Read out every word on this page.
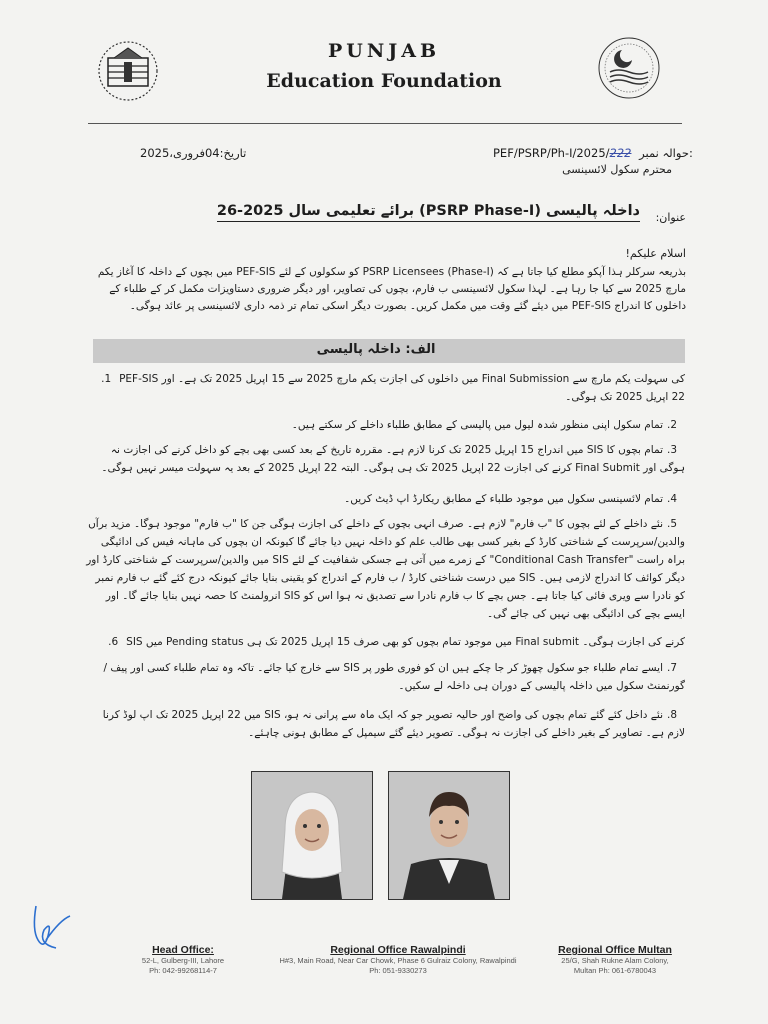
PUNJAB
Education Foundation
تاریخ:04فروری،2025	PEF/PSRP/Ph-I/2025/222 حوالہ نمبر:
محترم سکول لائسینسی
عنوان:
داخلہ پالیسی (PSRP Phase-I) برائے تعلیمی سال 2025-26
اسلام علیکم!
بذریعہ سرکلر ہذا آپکو مطلع کیا جاتا ہے کہ PSRP Licensees (Phase-I) کو سکولوں کے لئے PEF-SIS میں بچوں کے داخلہ کا آغاز یکم مارچ 2025 سے کیا جا رہا ہے۔ لہذا سکول لائسینسی ب فارم، بچوں کی تصاویر، اور دیگر ضروری دستاویزات مکمل کر کے طلباء کے داخلوں کا اندراج PEF-SIS میں دیئے گئے وقت میں مکمل کریں۔ بصورت دیگر اسکی تمام تر ذمہ داری لائسینسی پر عائد ہوگی۔
الف: داخلہ پالیسی
1. PEF-SIS میں داخلوں کی اجازت یکم مارچ 2025 سے 15 اپریل 2025 تک ہے۔ اور Final Submission کی سہولت یکم مارچ سے 22 اپریل 2025 تک ہوگی۔
2.تمام سکول اپنی منظور شدہ لیول میں پالیسی کے مطابق طلباء داخلے کر سکتے ہیں۔
3.تمام بچوں کا SIS میں اندراج 15 اپریل 2025 تک کرنا لازم ہے۔ مقررہ تاریخ کے بعد کسی بھی بچے کو داخل کرنے کی اجازت نہ ہوگی اور Final Submit کرنے کی اجازت 22 اپریل 2025 تک ہی ہوگی۔ البتہ 22 اپریل 2025 کے بعد یہ سہولت میسر نہیں ہوگی۔
4.تمام لائسینسی سکول میں موجود طلباء کے مطابق ریکارڈ اپ ڈیٹ کریں۔
5.نئے داخلے کے لئے بچوں کا "ب فارم" لازم ہے۔ صرف انہی بچوں کے داخلے کی اجازت ہوگی جن کا "ب فارم" موجود ہوگا۔ مزید برآں والدین/سرپرست کے شناختی کارڈ کے بغیر کسی بھی طالب علم کو داخلہ نہیں دیا جائے گا کیونکہ ان بچوں کی ماہانہ فیس کی ادائیگی براہ راست "Conditional Cash Transfer" کے زمرے میں آتی ہے جسکی شفافیت کے لئے SIS میں والدین/سرپرست کے شناختی کارڈ اور دیگر کوائف کا اندراج لازمی ہیں۔ SIS میں درست شناختی کارڈ / ب فارم کے اندراج کو یقینی بنایا جائے کیونکہ درج کئے گئے ب فارم نمبر کو نادرا سے ویری فائی کیا جاتا ہے۔ جس بچے کا ب فارم نادرا سے تصدیق نہ ہوا اس کو SIS انرولمنٹ کا حصہ نہیں بنایا جائے گا۔ اور ایسے بچے کی ادائیگی بھی نہیں کی جائے گی۔
6. SIS میں Pending status میں موجود تمام بچوں کو بھی صرف 15 اپریل 2025 تک ہی Final submit کرنے کی اجازت ہوگی۔
7.ایسے تمام طلباء جو سکول چھوڑ کر جا چکے ہیں ان کو فوری طور پر SIS سے خارج کیا جائے۔ تاکہ وہ تمام طلباء کسی اور پیف / گورنمنٹ سکول میں داخلہ پالیسی کے دوران ہی داخلہ لے سکیں۔
8.نئے داخل کئے گئے تمام بچوں کی واضح اور حالیہ تصویر جو کہ ایک ماہ سے پرانی نہ ہو، SIS میں 22 اپریل 2025 تک اپ لوڈ کرنا لازم ہے۔ تصاویر کے بغیر داخلے کی اجازت نہ ہوگی۔ تصویر دیئے گئے سیمپل کے مطابق ہونی چاہئے۔
Head Office:
52-L, Gulberg-III, Lahore
Ph: 042-99268114-7
Regional Office Rawalpindi
H#3, Main Road, Near Car Chowk, Phase 6 Gulraiz Colony, Rawalpindi
Ph: 051-9330273
Regional Office Multan
25/G, Shah Rukne Alam Colony,
Multan Ph: 061-6780043
